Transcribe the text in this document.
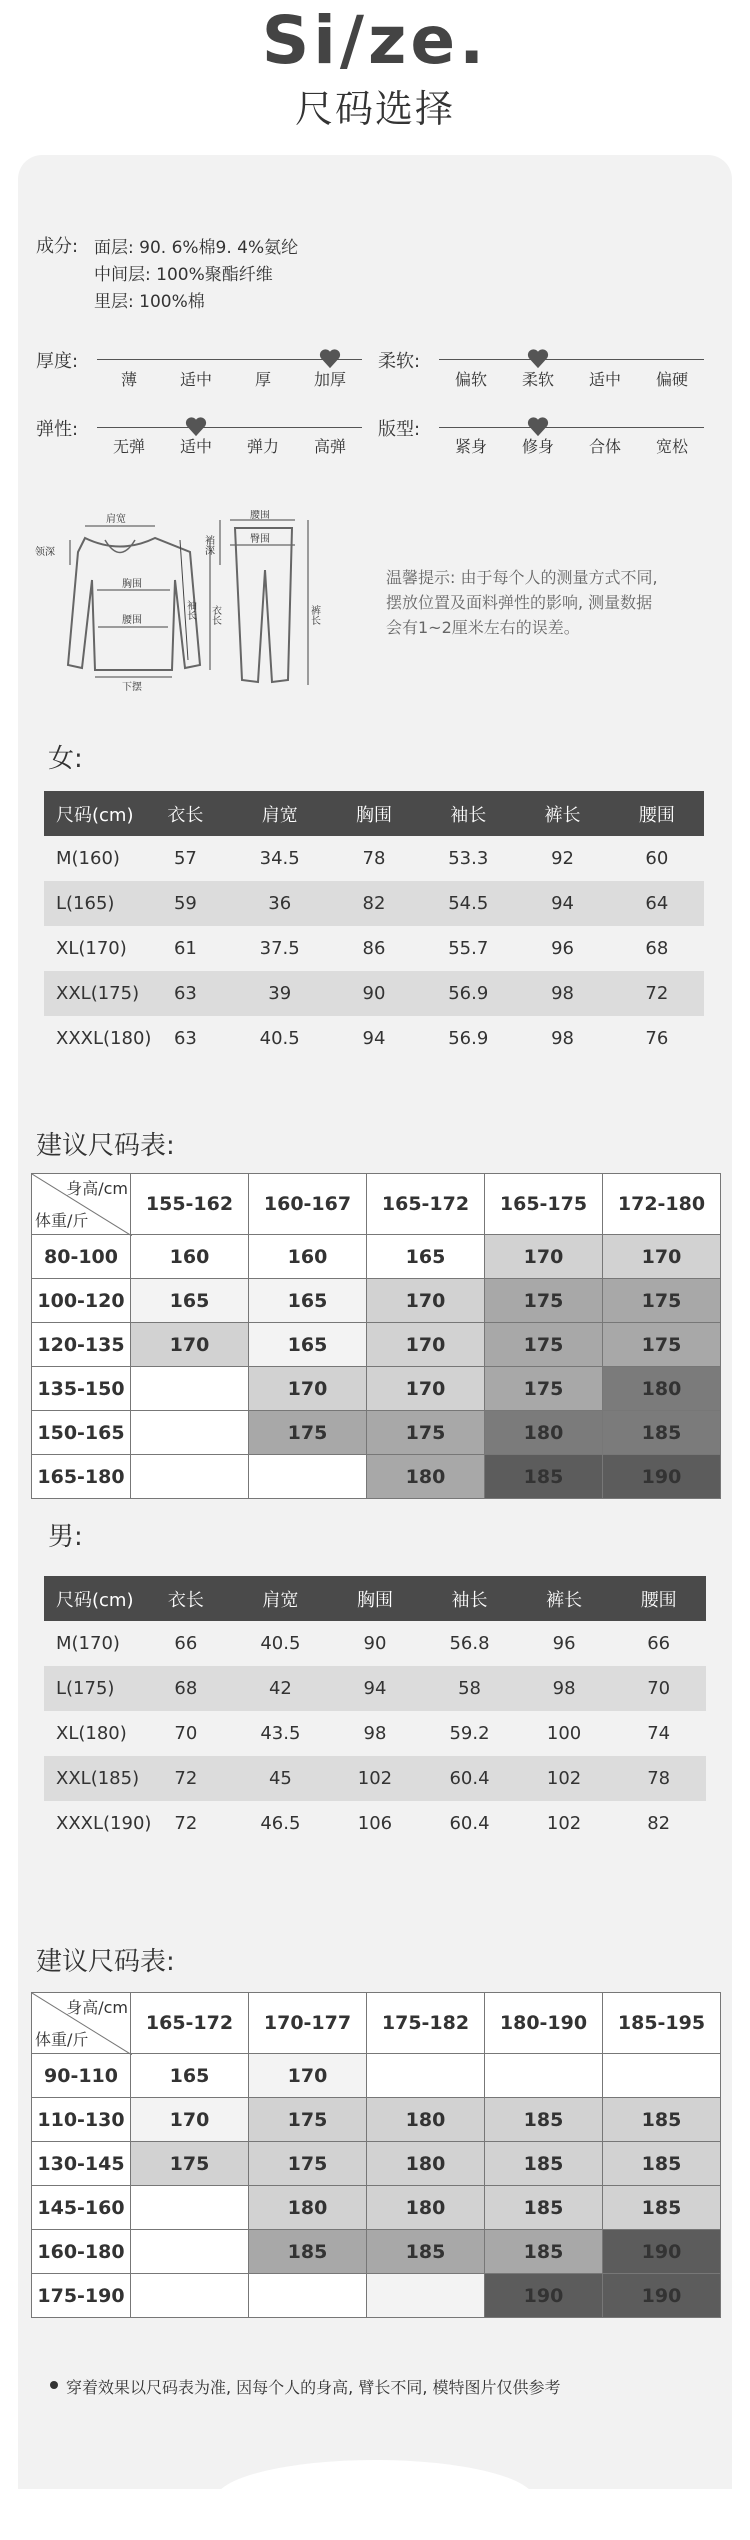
Si/ze.
尺码选择
成分: 面层: 90. 6%棉9. 4%氨纶
中间层: 100%聚酯纤维
里层: 100%棉
厚度:
薄	适中	厚	加厚
柔软:
偏软 柔软 适中 偏硬
弹性:
无弹 适中 弹力 高弹
版型:
紧身 修身 合体 宽松
肩宽
领深
胸围
腰围
下摆
袖长 衣长
腰围
臀围
裆深
裤长
温馨提示: 由于每个人的测量方式不同,
摆放位置及面料弹性的影响, 测量数据
会有1~2厘米左右的误差。
女:
尺码(cm)	衣长	肩宽	胸围	袖长	裤长	腰围
M(160)	57	34.5	78	53.3	92	60
L(165)	59	36	82	54.5	94	64
XL(170)	61	37.5	86	55.7	96	68
XXL(175)	63	39	90	56.9	98	72
XXXL(180)	63	40.5	94	56.9	98	76
建议尺码表:
身高/cm
体重/斤	155-162	160-167	165-172	165-175	172-180
80-100	160	160	165	170	170
100-120	165	165	170	175	175
120-135	170	165	170	175	175
135-150		170	170	175	180
150-165		175	175	180	185
165-180			180	185	190
男:
尺码(cm)	衣长	肩宽	胸围	袖长	裤长	腰围
M(170)	66	40.5	90	56.8	96	66
L(175)	68	42	94	58	98	70
XL(180)	70	43.5	98	59.2	100	74
XXL(185)	72	45	102	60.4	102	78
XXXL(190)	72	46.5	106	60.4	102	82
建议尺码表:
身高/cm
体重/斤	165-172	170-177	175-182	180-190	185-195
90-110	165	170			
110-130	170	175	180	185	185
130-145	175	175	180	185	185
145-160		180	180	185	185
160-180		185	185	185	190
175-190				190	190
穿着效果以尺码表为准, 因每个人的身高, 臂长不同, 模特图片仅供参考
